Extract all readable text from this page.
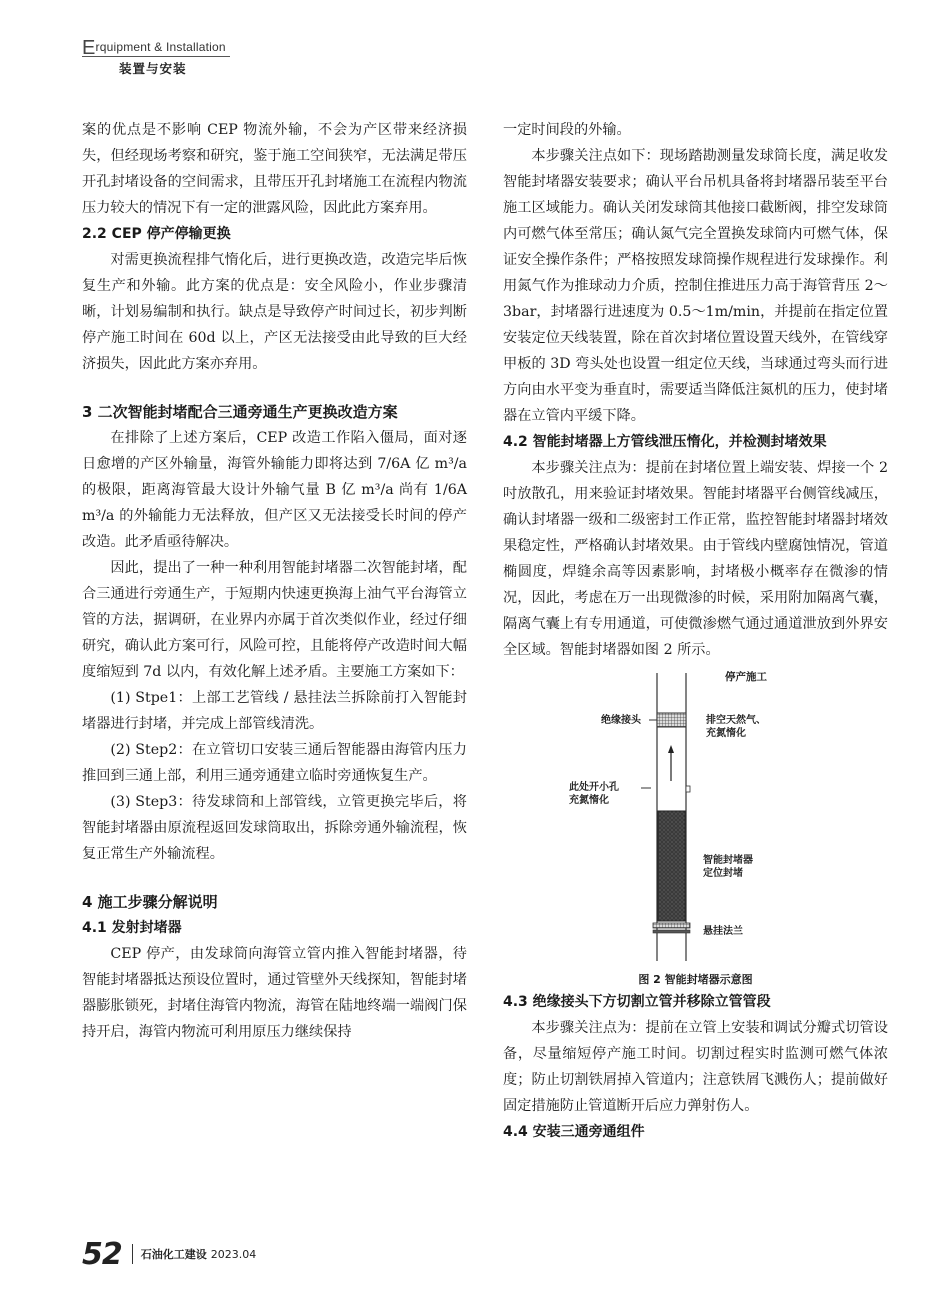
Erquipment & Installation
装置与安装

案的优点是不影响 CEP 物流外输，不会为产区带来经济损失，但经现场考察和研究，鉴于施工空间狭窄，无法满足带压开孔封堵设备的空间需求，且带压开孔封堵施工在流程内物流压力较大的情况下有一定的泄露风险，因此此方案弃用。

2.2 CEP 停产停输更换

对需更换流程排气惰化后，进行更换改造，改造完毕后恢复生产和外输。此方案的优点是：安全风险小，作业步骤清晰，计划易编制和执行。缺点是导致停产时间过长，初步判断停产施工时间在 60d 以上，产区无法接受由此导致的巨大经济损失，因此此方案亦弃用。

3 二次智能封堵配合三通旁通生产更换改造方案

在排除了上述方案后，CEP 改造工作陷入僵局，面对逐日愈增的产区外输量，海管外输能力即将达到 7/6A 亿 m³/a 的极限，距离海管最大设计外输气量 B 亿 m³/a 尚有 1/6A m³/a 的外输能力无法释放，但产区又无法接受长时间的停产改造。此矛盾亟待解决。

因此，提出了一种一种利用智能封堵器二次智能封堵，配合三通进行旁通生产，于短期内快速更换海上油气平台海管立管的方法，据调研，在业界内亦属于首次类似作业，经过仔细研究，确认此方案可行，风险可控，且能将停产改造时间大幅度缩短到 7d 以内，有效化解上述矛盾。主要施工方案如下：

(1) Stpe1：上部工艺管线 / 悬挂法兰拆除前打入智能封堵器进行封堵，并完成上部管线清洗。

(2) Step2：在立管切口安装三通后智能器由海管内压力推回到三通上部，利用三通旁通建立临时旁通恢复生产。

(3) Step3：待发球筒和上部管线，立管更换完毕后，将智能封堵器由原流程返回发球筒取出，拆除旁通外输流程，恢复正常生产外输流程。

4 施工步骤分解说明
4.1 发射封堵器

CEP 停产，由发球筒向海管立管内推入智能封堵器，待智能封堵器抵达预设位置时，通过管壁外天线探知，智能封堵器膨胀锁死，封堵住海管内物流，海管在陆地终端一端阀门保持开启，海管内物流可利用原压力继续保持

一定时间段的外输。

本步骤关注点如下：现场踏勘测量发球筒长度，满足收发智能封堵器安装要求；确认平台吊机具备将封堵器吊装至平台施工区域能力。确认关闭发球筒其他接口截断阀，排空发球筒内可燃气体至常压；确认氮气完全置换发球筒内可燃气体，保证安全操作条件；严格按照发球筒操作规程进行发球操作。利用氮气作为推球动力介质，控制住推进压力高于海管背压 2～3bar，封堵器行进速度为 0.5～1m/min，并提前在指定位置安装定位天线装置，除在首次封堵位置设置天线外，在管线穿甲板的 3D 弯头处也设置一组定位天线，当球通过弯头而行进方向由水平变为垂直时，需要适当降低注氮机的压力，使封堵器在立管内平缓下降。

4.2 智能封堵器上方管线泄压惰化，并检测封堵效果

本步骤关注点为：提前在封堵位置上端安装、焊接一个 2 吋放散孔，用来验证封堵效果。智能封堵器平台侧管线减压，确认封堵器一级和二级密封工作正常，监控智能封堵器封堵效果稳定性，严格确认封堵效果。由于管线内壁腐蚀情况，管道椭圆度，焊缝余高等因素影响，封堵极小概率存在微渗的情况，因此，考虑在万一出现微渗的时候，采用附加隔离气囊，隔离气囊上有专用通道，可使微渗燃气通过通道泄放到外界安全区域。智能封堵器如图 2 所示。

停产施工
绝缘接头	排空天然气、
充氮惰化
此处开小孔
充氮惰化
智能封堵器
定位封堵
悬挂法兰
图 2 智能封堵器示意图
4.3 绝缘接头下方切割立管并移除立管管段

本步骤关注点为：提前在立管上安装和调试分瓣式切管设备，尽量缩短停产施工时间。切割过程实时监测可燃气体浓度；防止切割铁屑掉入管道内；注意铁屑飞溅伤人；提前做好固定措施防止管道断开后应力弹射伤人。

4.4 安装三通旁通组件
52 石油化工建设 2023.04
